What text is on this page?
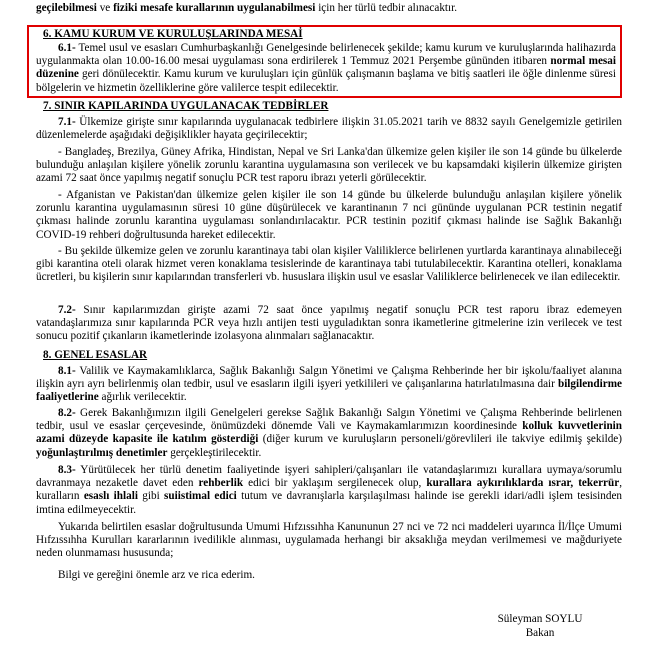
geçilebilmesi ve fiziki mesafe kurallarının uygulanabilmesi için her türlü tedbir alınacaktır.
6. KAMU KURUM VE KURULUŞLARINDA MESAİ
6.1- Temel usul ve esasları Cumhurbaşkanlığı Genelgesinde belirlenecek şekilde; kamu kurum ve kuruluşlarında halihazırda uygulanmakta olan 10.00-16.00 mesai uygulaması sona erdirilerek 1 Temmuz 2021 Perşembe gününden itibaren normal mesai düzenine geri dönülecektir. Kamu kurum ve kuruluşları için günlük çalışmanın başlama ve bitiş saatleri ile öğle dinlenme süresi bölgelerin ve hizmetin özelliklerine göre valilerce tespit edilecektir.
7. SINIR KAPILARINDA UYGULANACAK TEDBİRLER
7.1- Ülkemize girişte sınır kapılarında uygulanacak tedbirlere ilişkin 31.05.2021 tarih ve 8832 sayılı Genelgemizle getirilen düzenlemelerde aşağıdaki değişiklikler hayata geçirilecektir;
- Bangladeş, Brezilya, Güney Afrika, Hindistan, Nepal ve Sri Lanka'dan ülkemize gelen kişiler ile son 14 günde bu ülkelerde bulunduğu anlaşılan kişilere yönelik zorunlu karantina uygulamasına son verilecek ve bu kapsamdaki kişilerin ülkemize girişten azami 72 saat önce yapılmış negatif sonuçlu PCR test raporu ibrazı yeterli görülecektir.
- Afganistan ve Pakistan'dan ülkemize gelen kişiler ile son 14 günde bu ülkelerde bulunduğu anlaşılan kişilere yönelik zorunlu karantina uygulamasının süresi 10 güne düşürülecek ve karantinanın 7 nci gününde uygulanan PCR testinin negatif çıkması halinde zorunlu karantina uygulaması sonlandırılacaktır. PCR testinin pozitif çıkması halinde ise Sağlık Bakanlığı COVID-19 rehberi doğrultusunda hareket edilecektir.
- Bu şekilde ülkemize gelen ve zorunlu karantinaya tabi olan kişiler Valiliklerce belirlenen yurtlarda karantinaya alınabileceği gibi karantina oteli olarak hizmet veren konaklama tesislerinde de karantinaya tabi tutulabilecektir. Karantina otelleri, konaklama ücretleri, bu kişilerin sınır kapılarından transferleri vb. hususlara ilişkin usul ve esaslar Valiliklerce belirlenecek ve ilan edilecektir.
7.2- Sınır kapılarımızdan girişte azami 72 saat önce yapılmış negatif sonuçlu PCR test raporu ibraz edemeyen vatandaşlarımıza sınır kapılarında PCR veya hızlı antijen testi uyguladıktan sonra ikametlerine gitmelerine izin verilecek ve test sonucu pozitif çıkanların ikametlerinde izolasyona alınmaları sağlanacaktır.
8. GENEL ESASLAR
8.1- Valilik ve Kaymakamlıklarca, Sağlık Bakanlığı Salgın Yönetimi ve Çalışma Rehberinde her bir işkolu/faaliyet alanına ilişkin ayrı ayrı belirlenmiş olan tedbir, usul ve esasların ilgili işyeri yetkilileri ve çalışanlarına hatırlatılmasına dair bilgilendirme faaliyetlerine ağırlık verilecektir.
8.2- Gerek Bakanlığımızın ilgili Genelgeleri gerekse Sağlık Bakanlığı Salgın Yönetimi ve Çalışma Rehberinde belirlenen tedbir, usul ve esaslar çerçevesinde, önümüzdeki dönemde Vali ve Kaymakamlarımızın koordinesinde kolluk kuvvetlerinin azami düzeyde kapasite ile katılım gösterdiği (diğer kurum ve kuruluşların personeli/görevlileri ile takviye edilmiş şekilde) yoğunlaştırılmış denetimler gerçekleştirilecektir.
8.3- Yürütülecek her türlü denetim faaliyetinde işyeri sahipleri/çalışanları ile vatandaşlarımızı kurallara uymaya/sorumlu davranmaya nezaketle davet eden rehberlik edici bir yaklaşım sergilenecek olup, kurallara aykırılıklarda ısrar, tekerrür, kuralların esaslı ihlali gibi suiistimal edici tutum ve davranışlarla karşılaşılması halinde ise gerekli idari/adli işlem tesisinden imtina edilmeyecektir.
Yukarıda belirtilen esaslar doğrultusunda Umumi Hıfzıssıhha Kanununun 27 nci ve 72 nci maddeleri uyarınca İl/İlçe Umumi Hıfzıssıhha Kurulları kararlarının ivedilikle alınması, uygulamada herhangi bir aksaklığa meydan verilmemesi ve mağduriyete neden olunmaması hususunda;
Bilgi ve gereğini önemle arz ve rica ederim.
Süleyman SOYLU
Bakan
